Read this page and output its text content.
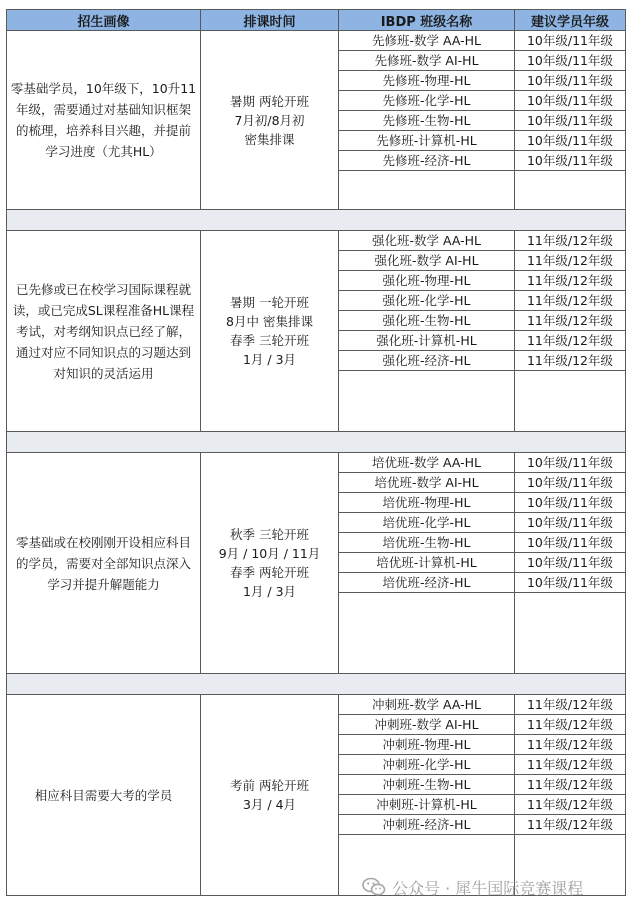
招生画像	排课时间	IBDP 班级名称	建议学员年级

零基础学员，10年级下，10升11
年级，需要通过对基础知识框架
的梳理，培养科目兴趣，并提前
学习进度（尤其HL）	暑期 两轮开班
7月初/8月初
密集排课	先修班-数学 AA-HL	10年级/11年级
		先修班-数学 AI-HL	10年级/11年级
		先修班-物理-HL	10年级/11年级
		先修班-化学-HL	10年级/11年级
		先修班-生物-HL	10年级/11年级
		先修班-计算机-HL	10年级/11年级
		先修班-经济-HL	10年级/11年级

已先修或已在校学习国际课程就
读，或已完成SL课程准备HL课程
考试，对考纲知识点已经了解，
通过对应不同知识点的习题达到
对知识的灵活运用	暑期 一轮开班
8月中 密集排课
春季 三轮开班
1月 / 3月	强化班-数学 AA-HL	11年级/12年级
		强化班-数学 AI-HL	11年级/12年级
		强化班-物理-HL	11年级/12年级
		强化班-化学-HL	11年级/12年级
		强化班-生物-HL	11年级/12年级
		强化班-计算机-HL	11年级/12年级
		强化班-经济-HL	11年级/12年级

零基础或在校刚刚开设相应科目
的学员，需要对全部知识点深入
学习并提升解题能力	秋季 三轮开班
9月 / 10月 / 11月
春季 两轮开班
1月 / 3月	培优班-数学 AA-HL	10年级/11年级
		培优班-数学 AI-HL	10年级/11年级
		培优班-物理-HL	10年级/11年级
		培优班-化学-HL	10年级/11年级
		培优班-生物-HL	10年级/11年级
		培优班-计算机-HL	10年级/11年级
		培优班-经济-HL	10年级/11年级

相应科目需要大考的学员	考前 两轮开班
3月 / 4月	冲刺班-数学 AA-HL	11年级/12年级
		冲刺班-数学 AI-HL	11年级/12年级
		冲刺班-物理-HL	11年级/12年级
		冲刺班-化学-HL	11年级/12年级
		冲刺班-生物-HL	11年级/12年级
		冲刺班-计算机-HL	11年级/12年级
		冲刺班-经济-HL	11年级/12年级

公众号 · 犀牛国际竞赛课程
